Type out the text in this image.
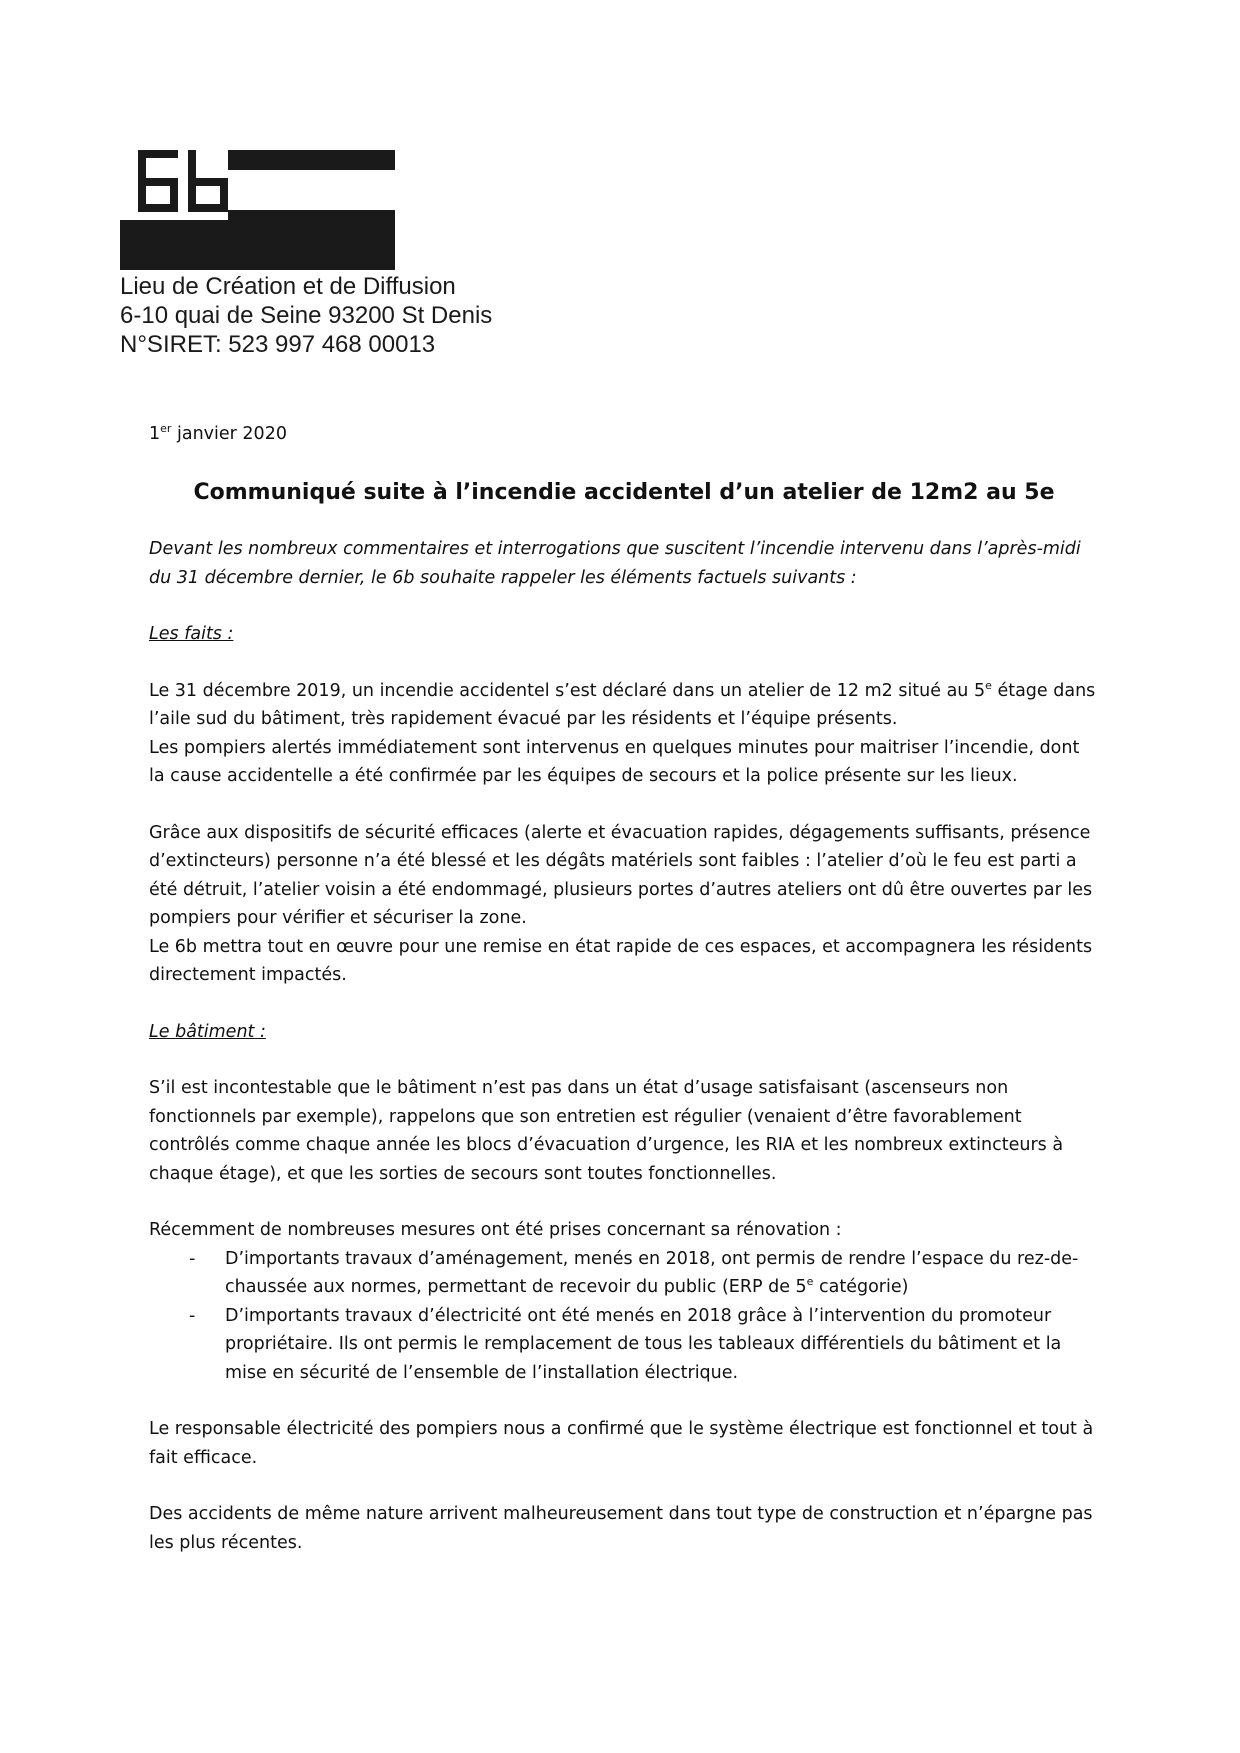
Lieu de Création et de Diffusion
6-10 quai de Seine 93200 St Denis
N°SIRET: 523 997 468 00013

1er janvier 2020

Communiqué suite à l’incendie accidentel d’un atelier de 12m2 au 5e

Devant les nombreux commentaires et interrogations que suscitent l’incendie intervenu dans l’après-midi du 31 décembre dernier, le 6b souhaite rappeler les éléments factuels suivants :

Les faits :

Le 31 décembre 2019, un incendie accidentel s’est déclaré dans un atelier de 12 m2 situé au 5e étage dans l’aile sud du bâtiment, très rapidement évacué par les résidents et l’équipe présents.
Les pompiers alertés immédiatement sont intervenus en quelques minutes pour maitriser l’incendie, dont la cause accidentelle a été confirmée par les équipes de secours et la police présente sur les lieux.

Grâce aux dispositifs de sécurité efficaces (alerte et évacuation rapides, dégagements suffisants, présence d’extincteurs) personne n’a été blessé et les dégâts matériels sont faibles : l’atelier d’où le feu est parti a été détruit, l’atelier voisin a été endommagé, plusieurs portes d’autres ateliers ont dû être ouvertes par les pompiers pour vérifier et sécuriser la zone.
Le 6b mettra tout en œuvre pour une remise en état rapide de ces espaces, et accompagnera les résidents directement impactés.

Le bâtiment :

S’il est incontestable que le bâtiment n’est pas dans un état d’usage satisfaisant (ascenseurs non fonctionnels par exemple), rappelons que son entretien est régulier (venaient d’être favorablement contrôlés comme chaque année les blocs d’évacuation d’urgence, les RIA et les nombreux extincteurs à chaque étage), et que les sorties de secours sont toutes fonctionnelles.

Récemment de nombreuses mesures ont été prises concernant sa rénovation :

- D’importants travaux d’aménagement, menés en 2018, ont permis de rendre l’espace du rez-de-chaussée aux normes, permettant de recevoir du public (ERP de 5e catégorie)
- D’importants travaux d’électricité ont été menés en 2018 grâce à l’intervention du promoteur propriétaire. Ils ont permis le remplacement de tous les tableaux différentiels du bâtiment et la mise en sécurité de l’ensemble de l’installation électrique.

Le responsable électricité des pompiers nous a confirmé que le système électrique est fonctionnel et tout à fait efficace.

Des accidents de même nature arrivent malheureusement dans tout type de construction et n’épargne pas les plus récentes.
